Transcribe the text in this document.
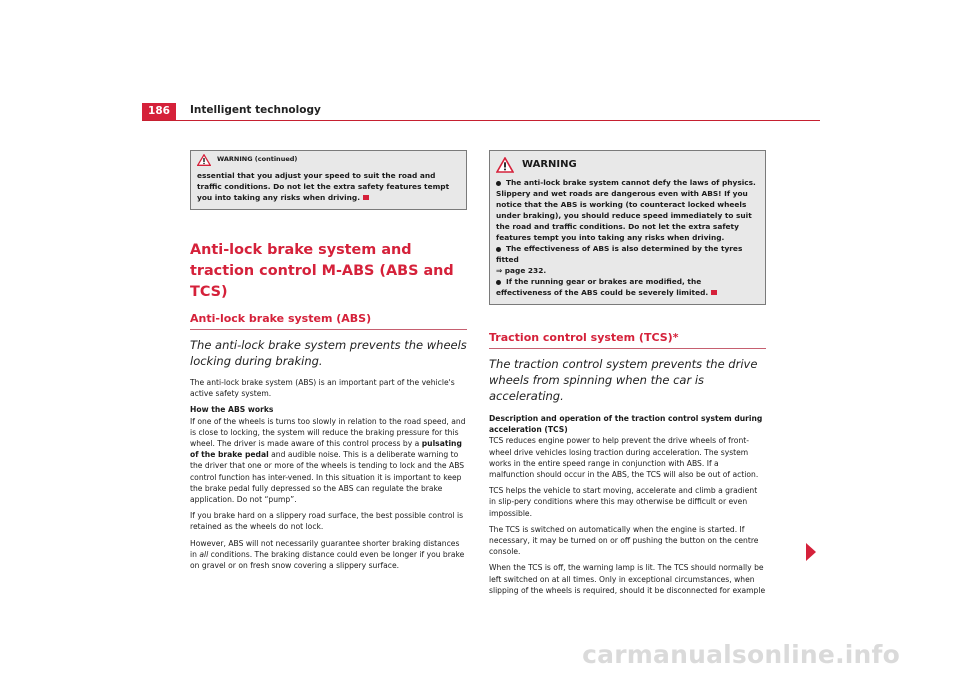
186	Intelligent technology
WARNING (continued)
essential that you adjust your speed to suit the road and traffic conditions. Do not let the extra safety features tempt you into taking any risks when driving.
Anti-lock brake system and traction control M-ABS (ABS and TCS)
Anti-lock brake system (ABS)
The anti-lock brake system prevents the wheels locking during braking.

The anti-lock brake system (ABS) is an important part of the vehicle's active safety system.

How the ABS works

If one of the wheels is turns too slowly in relation to the road speed, and is close to locking, the system will reduce the braking pressure for this wheel. The driver is made aware of this control process by a pulsating of the brake pedal and audible noise. This is a deliberate warning to the driver that one or more of the wheels is tending to lock and the ABS control function has inter-vened. In this situation it is important to keep the brake pedal fully depressed so the ABS can regulate the brake application. Do not “pump”.

If you brake hard on a slippery road surface, the best possible control is retained as the wheels do not lock.

However, ABS will not necessarily guarantee shorter braking distances in all conditions. The braking distance could even be longer if you brake on gravel or on fresh snow covering a slippery surface.

WARNING
The anti-lock brake system cannot defy the laws of physics. Slippery and wet roads are dangerous even with ABS! If you notice that the ABS is working (to counteract locked wheels under braking), you should reduce speed immediately to suit the road and traffic conditions. Do not let the extra safety features tempt you into taking any risks when driving.
The effectiveness of ABS is also determined by the tyres fitted
⇒ page 232.
If the running gear or brakes are modified, the effectiveness of the ABS could be severely limited.
Traction control system (TCS)*
The traction control system prevents the drive wheels from spinning when the car is accelerating.

Description and operation of the traction control system during acceleration (TCS)

TCS reduces engine power to help prevent the drive wheels of front-wheel drive vehicles losing traction during acceleration. The system works in the entire speed range in conjunction with ABS. If a malfunction should occur in the ABS, the TCS will also be out of action.

TCS helps the vehicle to start moving, accelerate and climb a gradient in slip-pery conditions where this may otherwise be difficult or even impossible.

The TCS is switched on automatically when the engine is started. If necessary, it may be turned on or off pushing the button on the centre console.

When the TCS is off, the warning lamp is lit. The TCS should normally be left switched on at all times. Only in exceptional circumstances, when slipping of the wheels is required, should it be disconnected for example

carmanualsonline.info
